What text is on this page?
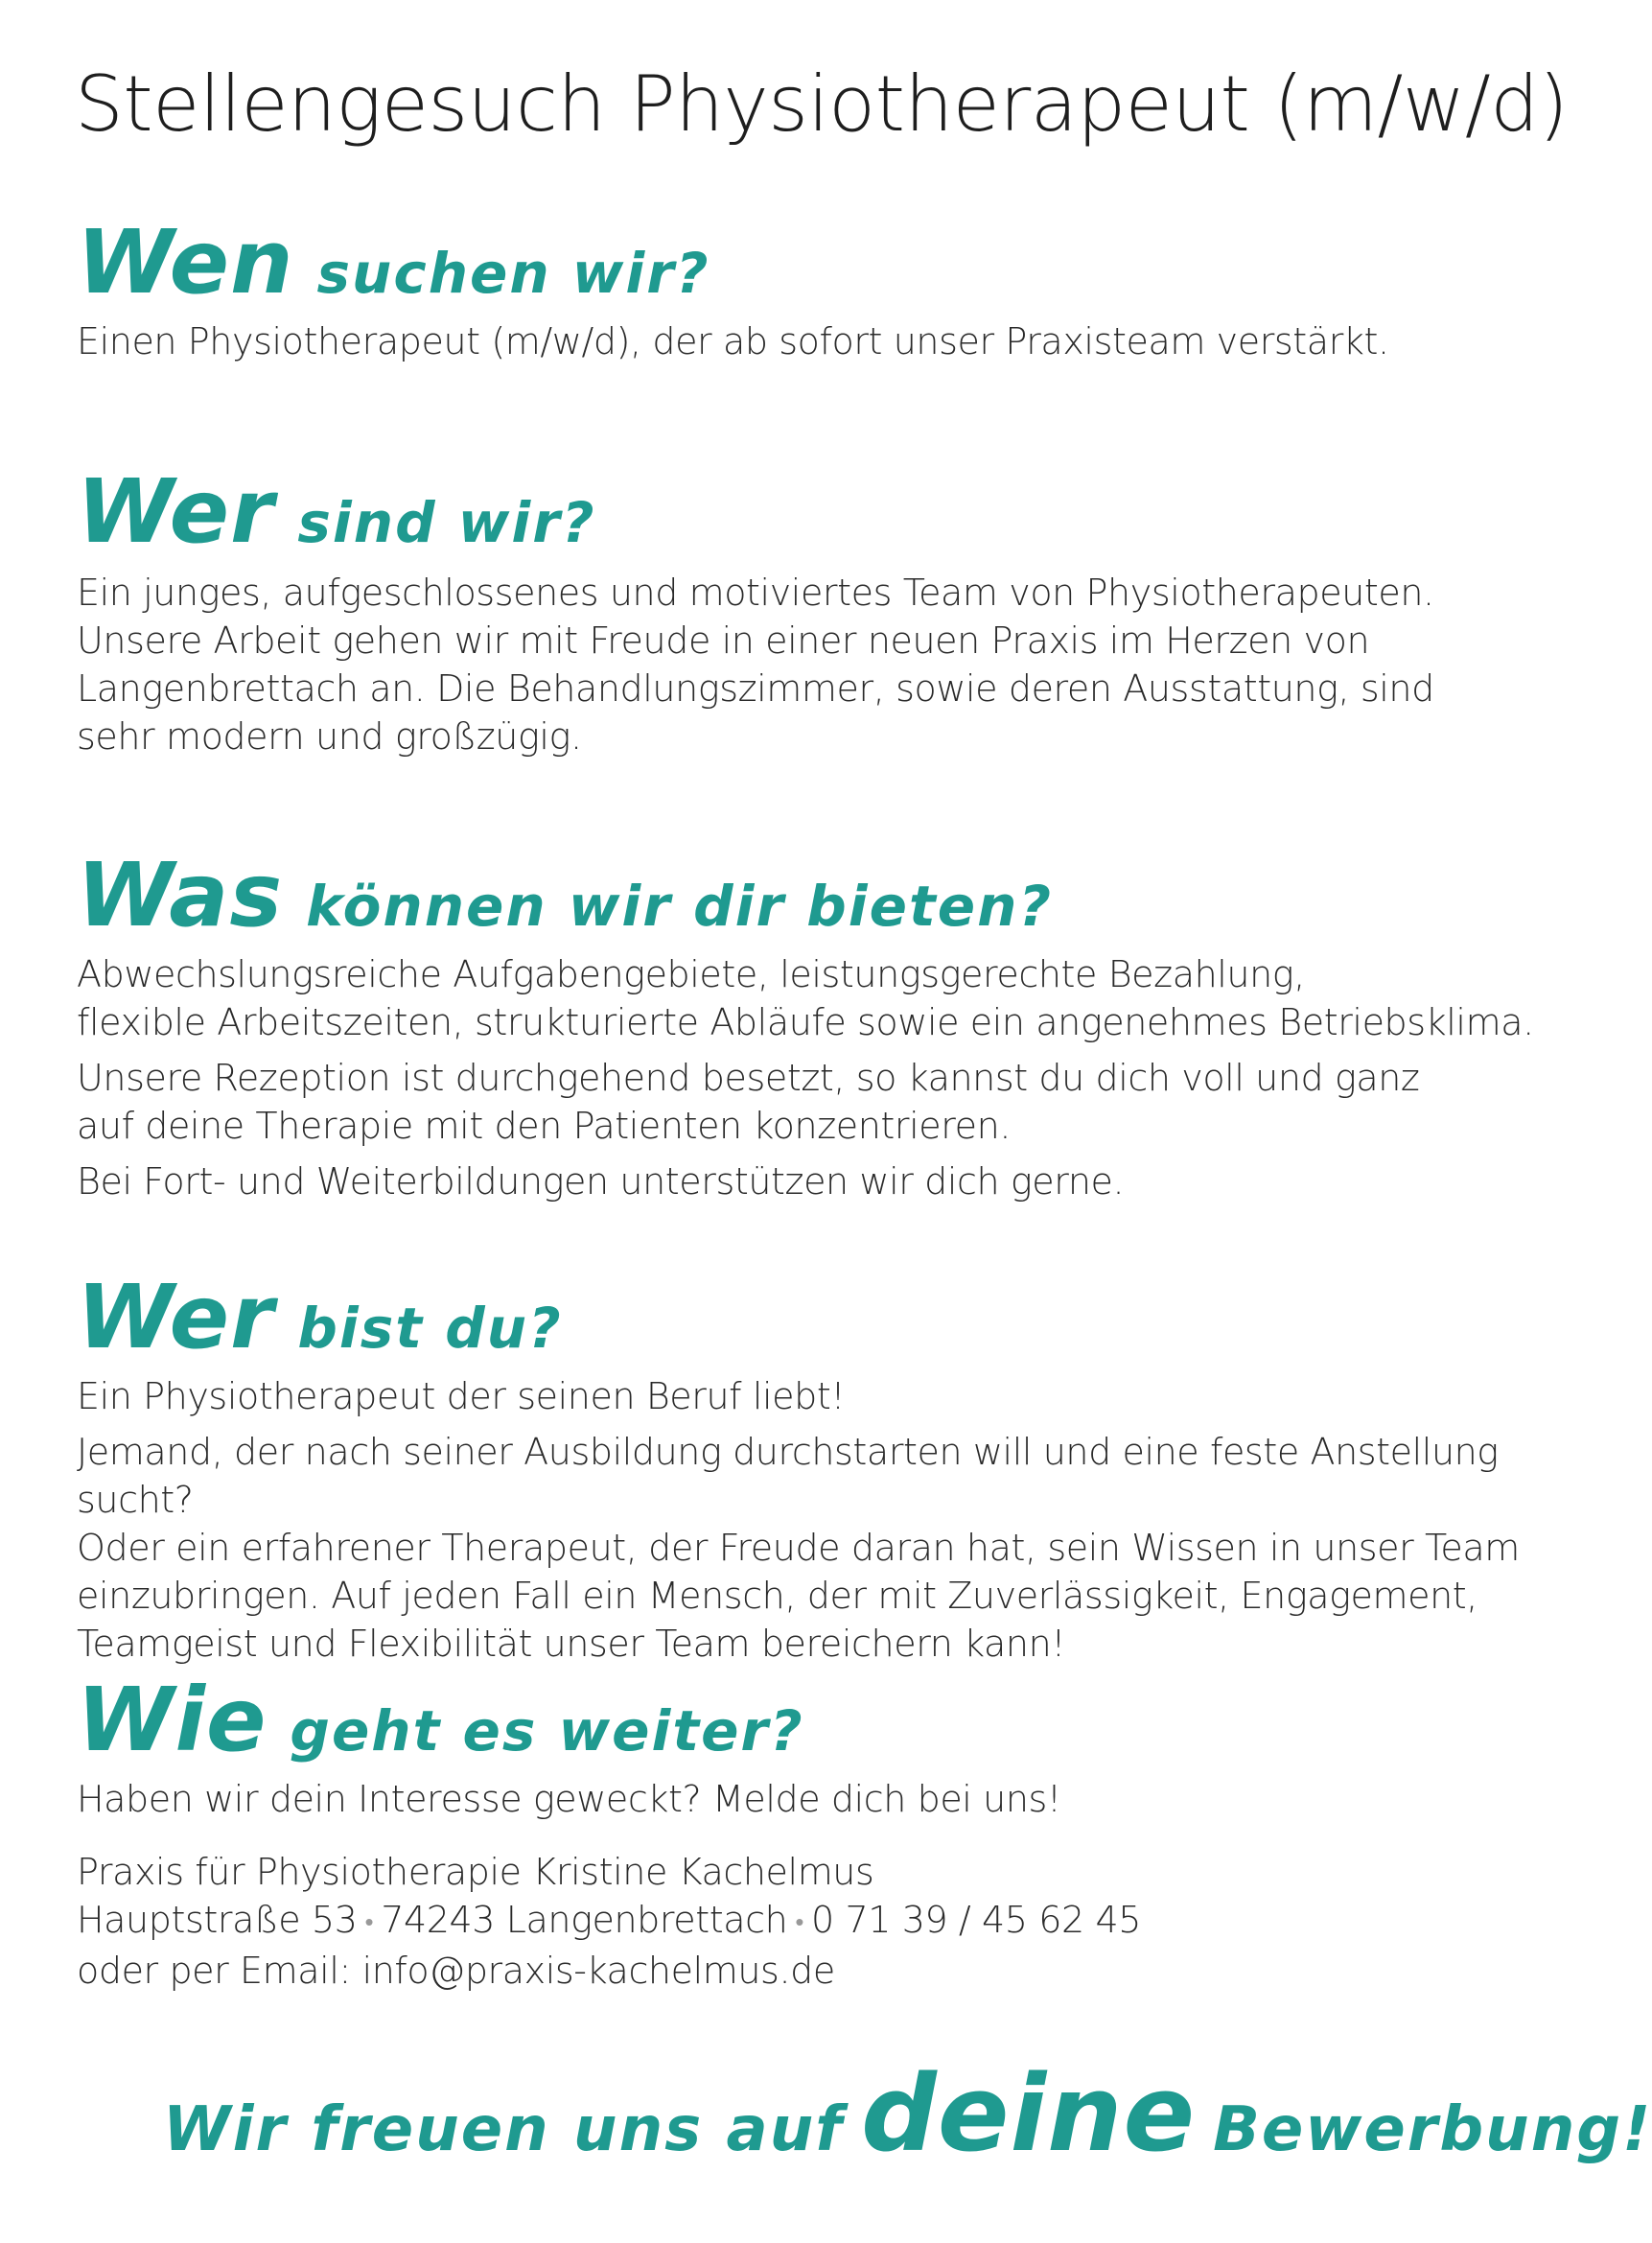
Stellengesuch Physiotherapeut (m/w/d)
Wen suchen wir?

Einen Physiotherapeut (m/w/d), der ab sofort unser Praxisteam verstärkt.

Wer sind wir?

Ein junges, aufgeschlossenes und motiviertes Team von Physiotherapeuten.
Unsere Arbeit gehen wir mit Freude in einer neuen Praxis im Herzen von
Langenbrettach an. Die Behandlungszimmer, sowie deren Ausstattung, sind
sehr modern und großzügig.

Was können wir dir bieten?

Abwechslungsreiche Aufgabengebiete, leistungsgerechte Bezahlung,
flexible Arbeitszeiten, strukturierte Abläufe sowie ein angenehmes Betriebsklima.

Unsere Rezeption ist durchgehend besetzt, so kannst du dich voll und ganz
auf deine Therapie mit den Patienten konzentrieren.

Bei Fort- und Weiterbildungen unterstützen wir dich gerne.

Wer bist du?

Ein Physiotherapeut der seinen Beruf liebt!

Jemand, der nach seiner Ausbildung durchstarten will und eine feste Anstellung sucht?
Oder ein erfahrener Therapeut, der Freude daran hat, sein Wissen in unser Team
einzubringen. Auf jeden Fall ein Mensch, der mit Zuverlässigkeit, Engagement,
Teamgeist und Flexibilität unser Team bereichern kann!

Wie geht es weiter?

Haben wir dein Interesse geweckt? Melde dich bei uns!

Praxis für Physiotherapie Kristine Kachelmus

Hauptstraße 53 • 74243 Langenbrettach • 0 71 39 / 45 62 45

oder per Email: info@praxis-kachelmus.de

Wir freuen uns auf deine Bewerbung!
